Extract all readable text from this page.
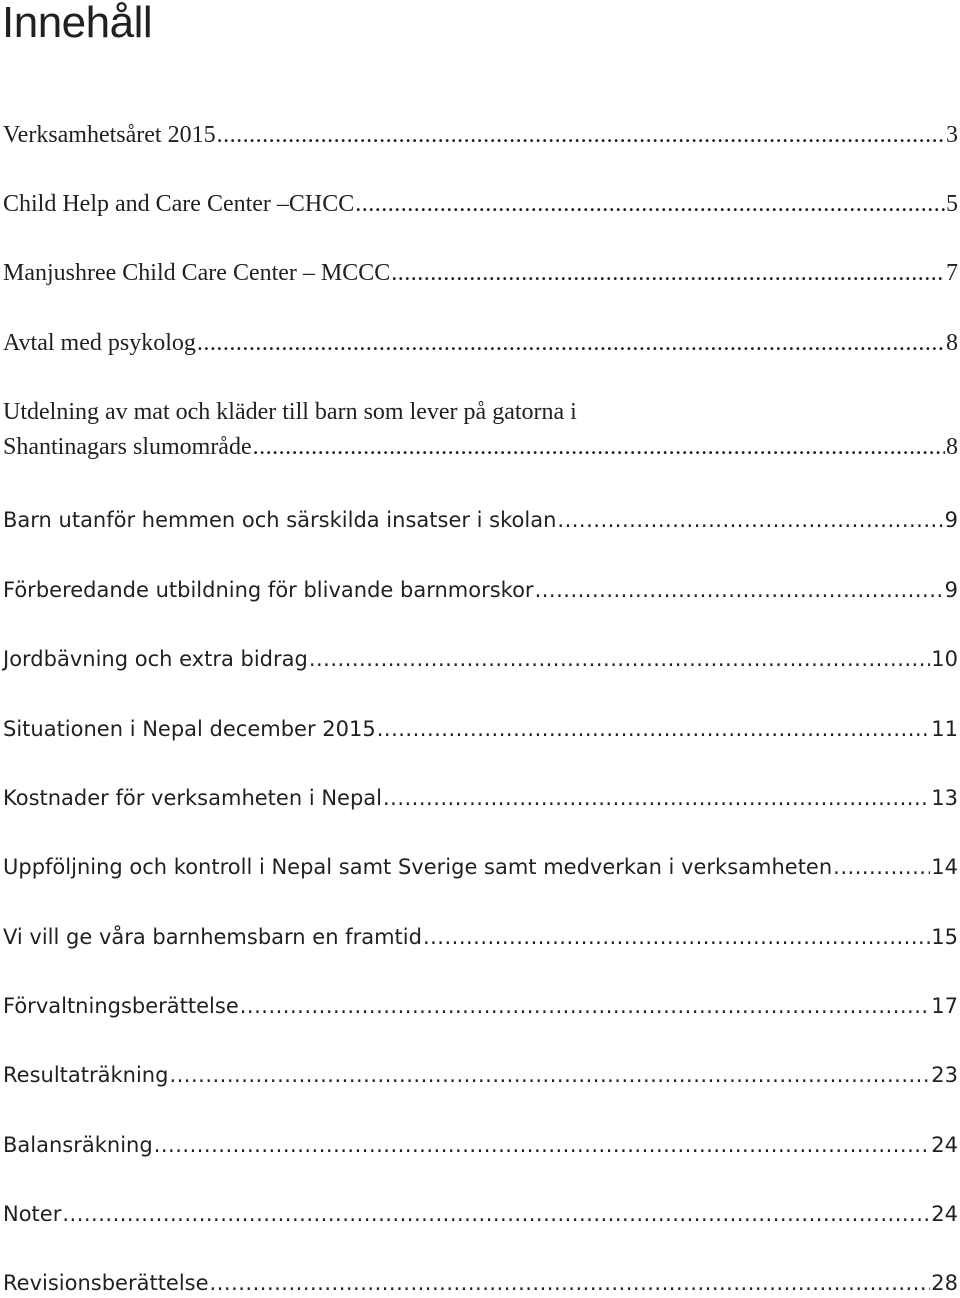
Innehåll
Verksamhetsåret 2015 .....	3
Child Help and Care Center –CHCC .....	5
Manjushree Child Care Center – MCCC .....	7
Avtal med psykolog .....	8
Utdelning av mat och kläder till barn som lever på gatorna i
Shantinagars slumområde .....	8
Barn utanför hemmen och särskilda insatser i skolan .....	9
Förberedande utbildning för blivande barnmorskor .....	9
Jordbävning och extra bidrag .....	10
Situationen i Nepal december 2015 .....	11
Kostnader för verksamheten i Nepal .....	13
Uppföljning och kontroll i Nepal samt Sverige samt medverkan i verksamheten .....	14
Vi vill ge våra barnhemsbarn en framtid .....	15
Förvaltningsberättelse .....	17
Resultaträkning .....	23
Balansräkning .....	24
Noter .....	24
Revisionsberättelse .....	28
